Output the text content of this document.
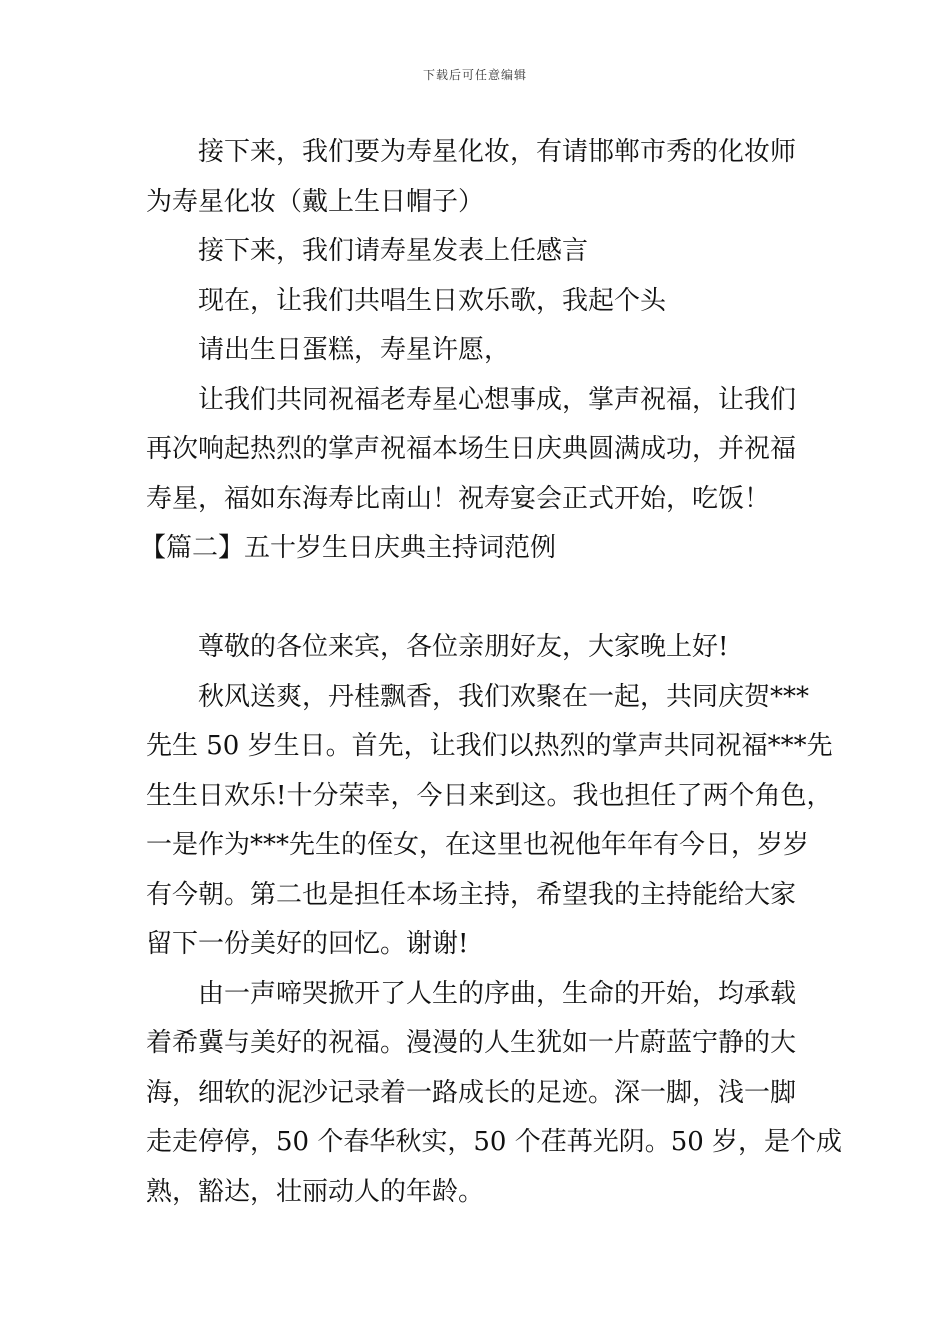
下载后可任意编辑
接下来，我们要为寿星化妆，有请邯郸市秀的化妆师
为寿星化妆（戴上生日帽子）
接下来，我们请寿星发表上任感言
现在，让我们共唱生日欢乐歌，我起个头
请出生日蛋糕，寿星许愿，
让我们共同祝福老寿星心想事成，掌声祝福，让我们
再次响起热烈的掌声祝福本场生日庆典圆满成功，并祝福
寿星，福如东海寿比南山！祝寿宴会正式开始，吃饭！
【篇二】五十岁生日庆典主持词范例
尊敬的各位来宾，各位亲朋好友，大家晚上好!
秋风送爽，丹桂飘香，我们欢聚在一起，共同庆贺***
先生 50 岁生日。首先，让我们以热烈的掌声共同祝福***先
生生日欢乐!十分荣幸，今日来到这。我也担任了两个角色，
一是作为***先生的侄女，在这里也祝他年年有今日，岁岁
有今朝。第二也是担任本场主持，希望我的主持能给大家
留下一份美好的回忆。谢谢!
由一声啼哭掀开了人生的序曲，生命的开始，均承载
着希冀与美好的祝福。漫漫的人生犹如一片蔚蓝宁静的大
海，细软的泥沙记录着一路成长的足迹。深一脚，浅一脚
走走停停，50 个春华秋实，50 个荏苒光阴。50 岁，是个成
熟，豁达，壮丽动人的年龄。
